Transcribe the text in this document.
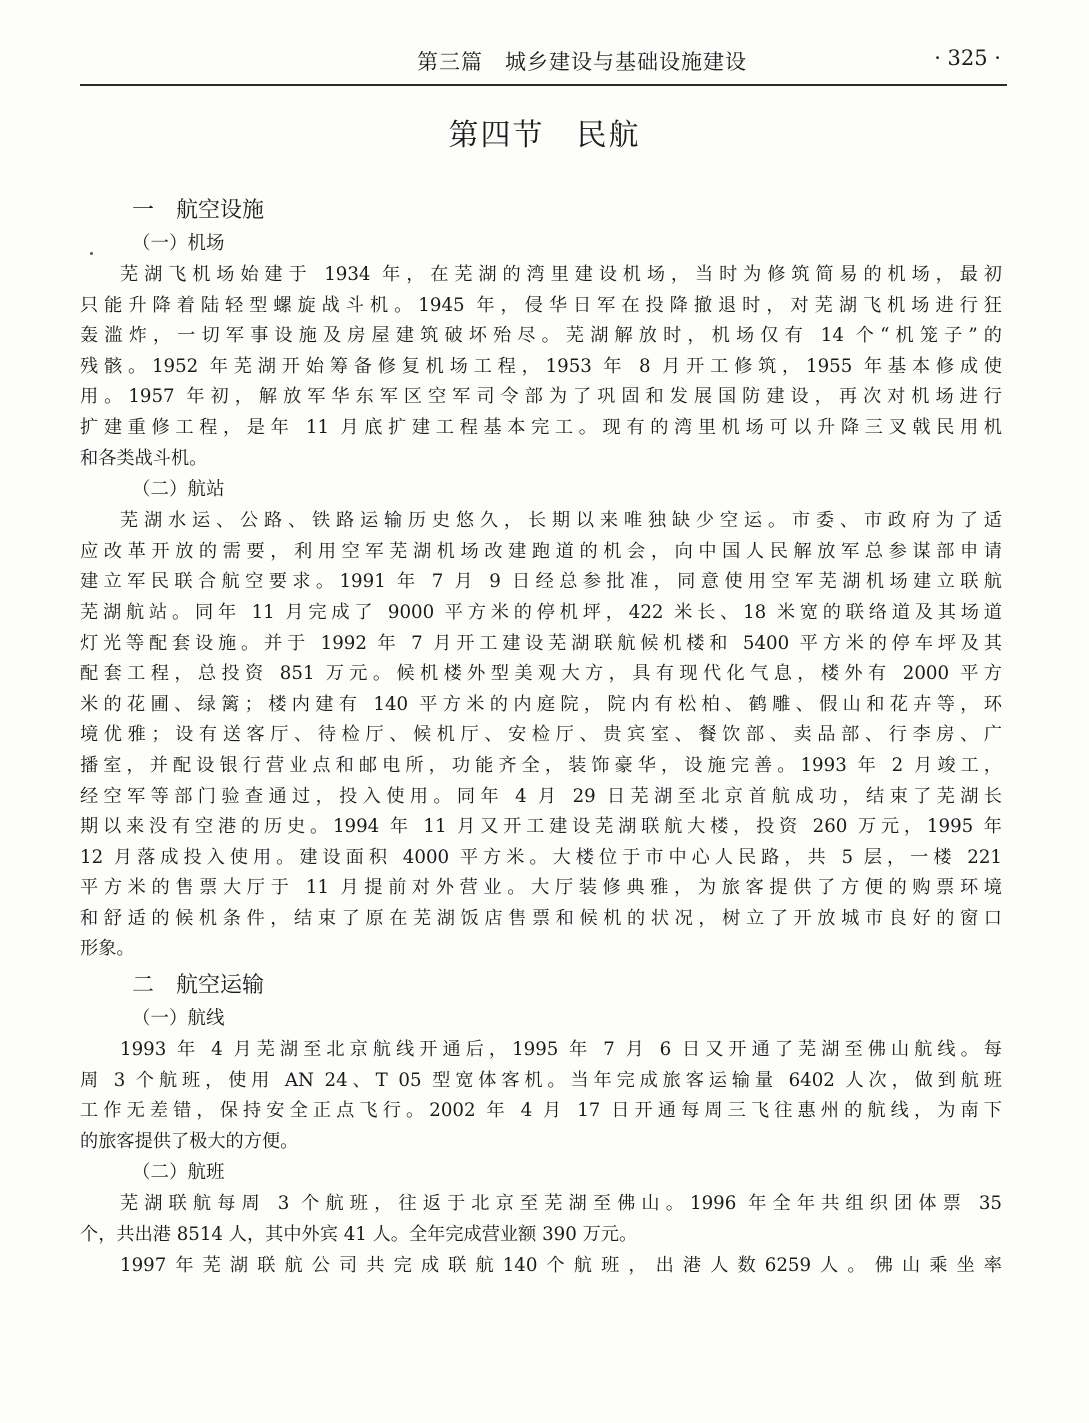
第三篇　城乡建设与基础设施建设	· 325 ·
第四节　民航
一　航空设施
（一）机场

芜湖飞机场始建于 1934 年，在芜湖的湾里建设机场，当时为修筑简易的机场，最初
只能升降着陆轻型螺旋战斗机。1945 年，侵华日军在投降撤退时，对芜湖飞机场进行狂
轰滥炸，一切军事设施及房屋建筑破坏殆尽。芜湖解放时，机场仅有 14 个“机笼子”的
残骸。1952 年芜湖开始筹备修复机场工程，1953 年 8 月开工修筑，1955 年基本修成使
用。1957 年初，解放军华东军区空军司令部为了巩固和发展国防建设，再次对机场进行
扩建重修工程，是年 11 月底扩建工程基本完工。现有的湾里机场可以升降三叉戟民用机
和各类战斗机。

（二）航站

芜湖水运、公路、铁路运输历史悠久，长期以来唯独缺少空运。市委、市政府为了适
应改革开放的需要，利用空军芜湖机场改建跑道的机会，向中国人民解放军总参谋部申请
建立军民联合航空要求。1991 年 7 月 9 日经总参批准，同意使用空军芜湖机场建立联航
芜湖航站。同年 11 月完成了 9000 平方米的停机坪，422 米长、18 米宽的联络道及其场道
灯光等配套设施。并于 1992 年 7 月开工建设芜湖联航候机楼和 5400 平方米的停车坪及其
配套工程，总投资 851 万元。候机楼外型美观大方，具有现代化气息，楼外有 2000 平方
米的花圃、绿篱；楼内建有 140 平方米的内庭院，院内有松柏、鹤雕、假山和花卉等，环
境优雅；设有送客厅、待检厅、候机厅、安检厅、贵宾室、餐饮部、卖品部、行李房、广
播室，并配设银行营业点和邮电所，功能齐全，装饰豪华，设施完善。1993 年 2 月竣工，
经空军等部门验查通过，投入使用。同年 4 月 29 日芜湖至北京首航成功，结束了芜湖长
期以来没有空港的历史。1994 年 11 月又开工建设芜湖联航大楼，投资 260 万元，1995 年
12 月落成投入使用。建设面积 4000 平方米。大楼位于市中心人民路，共 5 层，一楼 221
平方米的售票大厅于 11 月提前对外营业。大厅装修典雅，为旅客提供了方便的购票环境
和舒适的候机条件，结束了原在芜湖饭店售票和候机的状况，树立了开放城市良好的窗口
形象。

二　航空运输
（一）航线

1993 年 4 月芜湖至北京航线开通后，1995 年 7 月 6 日又开通了芜湖至佛山航线。每
周 3 个航班，使用 AN 24、T 05 型宽体客机。当年完成旅客运输量 6402 人次，做到航班
工作无差错，保持安全正点飞行。2002 年 4 月 17 日开通每周三飞往惠州的航线，为南下
的旅客提供了极大的方便。

（二）航班

芜湖联航每周 3 个航班，往返于北京至芜湖至佛山。1996 年全年共组织团体票 35
个，共出港 8514 人，其中外宾 41 人。全年完成营业额 390 万元。

1997年芜湖联航公司共完成联航140个航班，出港人数6259人。佛山乘坐率
